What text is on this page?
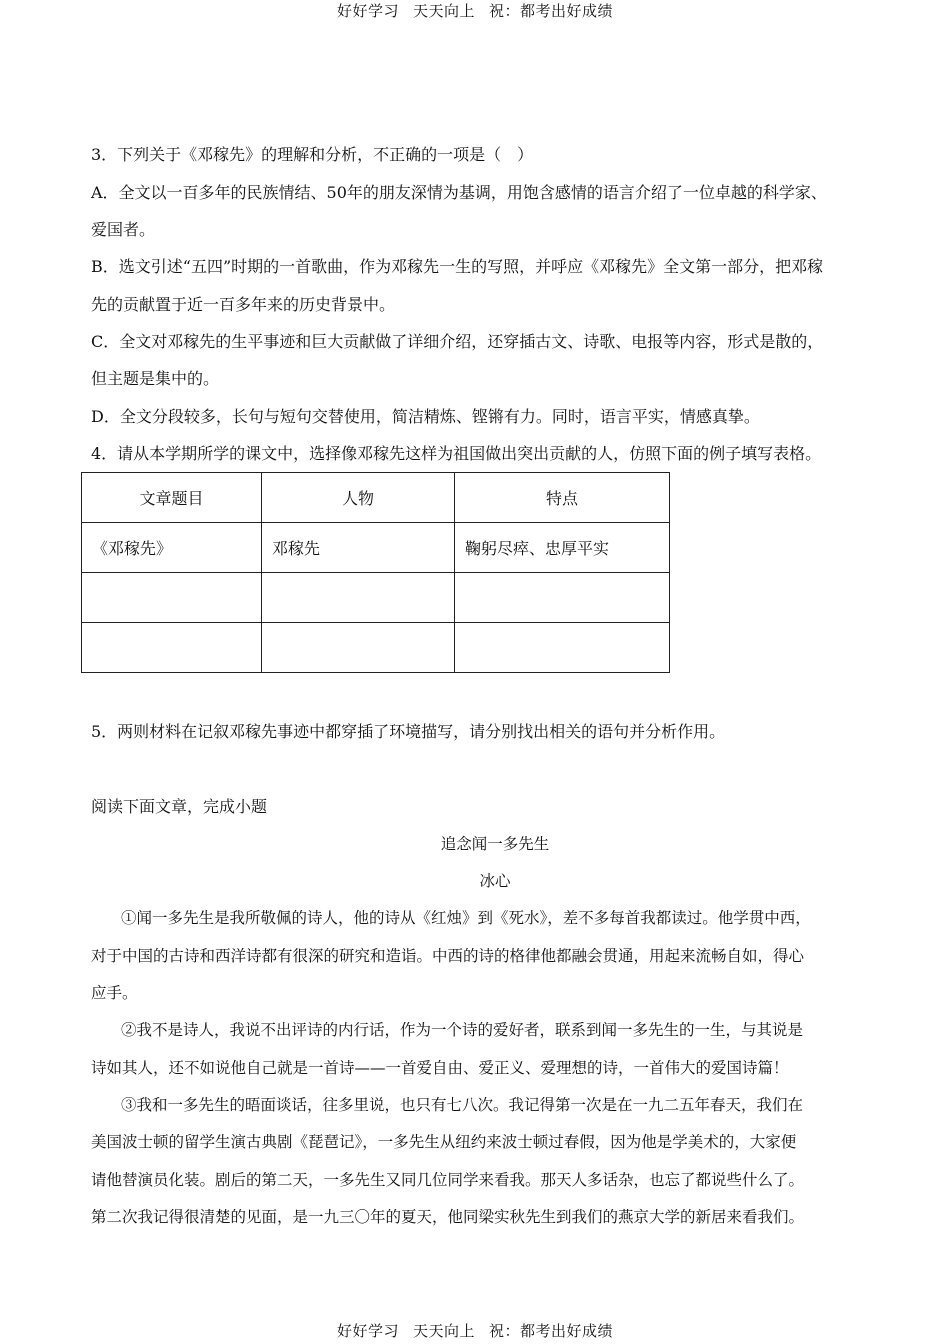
好好学习 天天向上 祝：都考出好成绩
3．下列关于《邓稼先》的理解和分析，不正确的一项是（　）
A．全文以一百多年的民族情结、50年的朋友深情为基调，用饱含感情的语言介绍了一位卓越的科学家、
爱国者。
B．选文引述“五四”时期的一首歌曲，作为邓稼先一生的写照，并呼应《邓稼先》全文第一部分，把邓稼
先的贡献置于近一百多年来的历史背景中。
C．全文对邓稼先的生平事迹和巨大贡献做了详细介绍，还穿插古文、诗歌、电报等内容，形式是散的，
但主题是集中的。
D．全文分段较多，长句与短句交替使用，简洁精炼、铿锵有力。同时，语言平实，情感真挚。
4．请从本学期所学的课文中，选择像邓稼先这样为祖国做出突出贡献的人，仿照下面的例子填写表格。
文章题目	人物	特点
《邓稼先》	邓稼先	鞠躬尽瘁、忠厚平实

5．两则材料在记叙邓稼先事迹中都穿插了环境描写，请分别找出相关的语句并分析作用。
阅读下面文章，完成小题
追念闻一多先生
冰心
①闻一多先生是我所敬佩的诗人，他的诗从《红烛》到《死水》，差不多每首我都读过。他学贯中西，
对于中国的古诗和西洋诗都有很深的研究和造诣。中西的诗的格律他都融会贯通，用起来流畅自如，得心
应手。
②我不是诗人，我说不出评诗的内行话，作为一个诗的爱好者，联系到闻一多先生的一生，与其说是
诗如其人，还不如说他自己就是一首诗——一首爱自由、爱正义、爱理想的诗，一首伟大的爱国诗篇！
③我和一多先生的晤面谈话，往多里说，也只有七八次。我记得第一次是在一九二五年春天，我们在
美国波士顿的留学生演古典剧《琵琶记》，一多先生从纽约来波士顿过春假，因为他是学美术的，大家便
请他替演员化装。剧后的第二天，一多先生又同几位同学来看我。那天人多话杂，也忘了都说些什么了。
第二次我记得很清楚的见面，是一九三〇年的夏天，他同梁实秋先生到我们的燕京大学的新居来看我们。
好好学习 天天向上 祝：都考出好成绩
